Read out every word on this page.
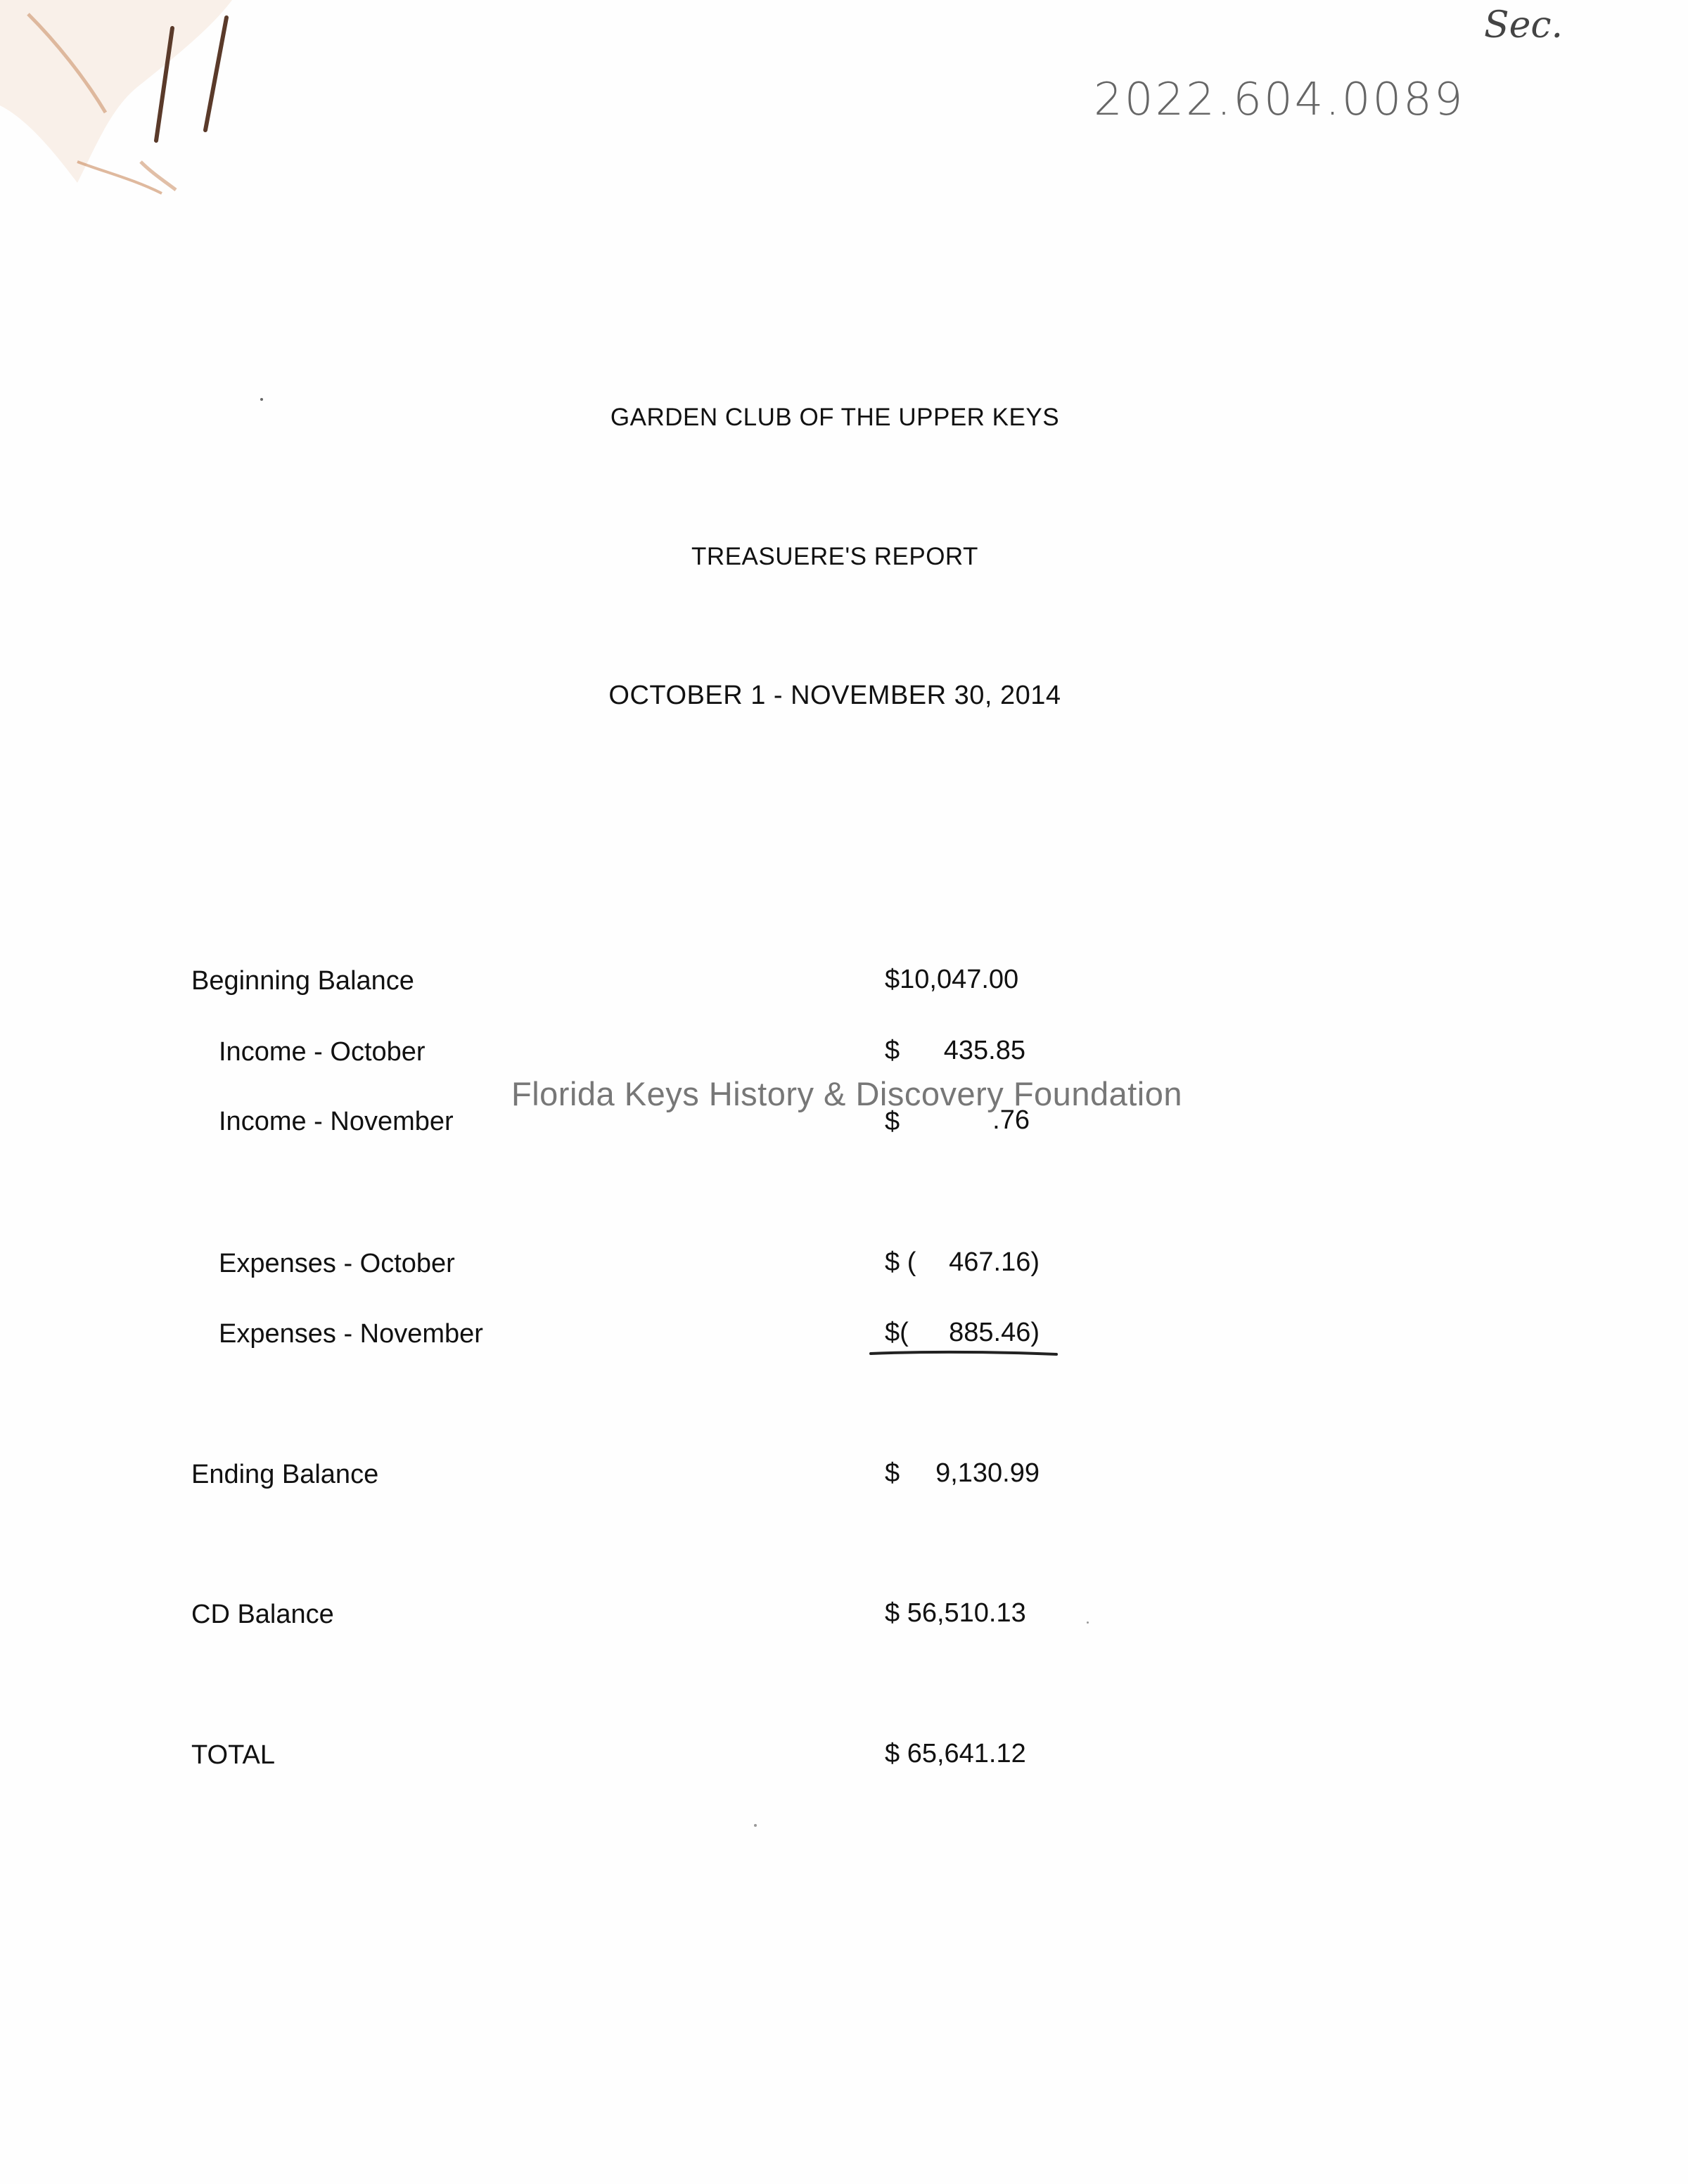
Sec.
2022.604.0089
GARDEN CLUB OF THE UPPER KEYS
TREASUERE'S REPORT
OCTOBER 1 - NOVEMBER 30, 2014
Beginning Balance	$10,047.00
Income - October	$ 435.85
Income - November	$	.76
Expenses - October	$ ( 467.16)
Expenses - November	$( 885.46)
Ending Balance	$	9,130.99
CD Balance	$ 56,510.13
TOTAL	$ 65,641.12
Florida Keys History & Discovery Foundation
